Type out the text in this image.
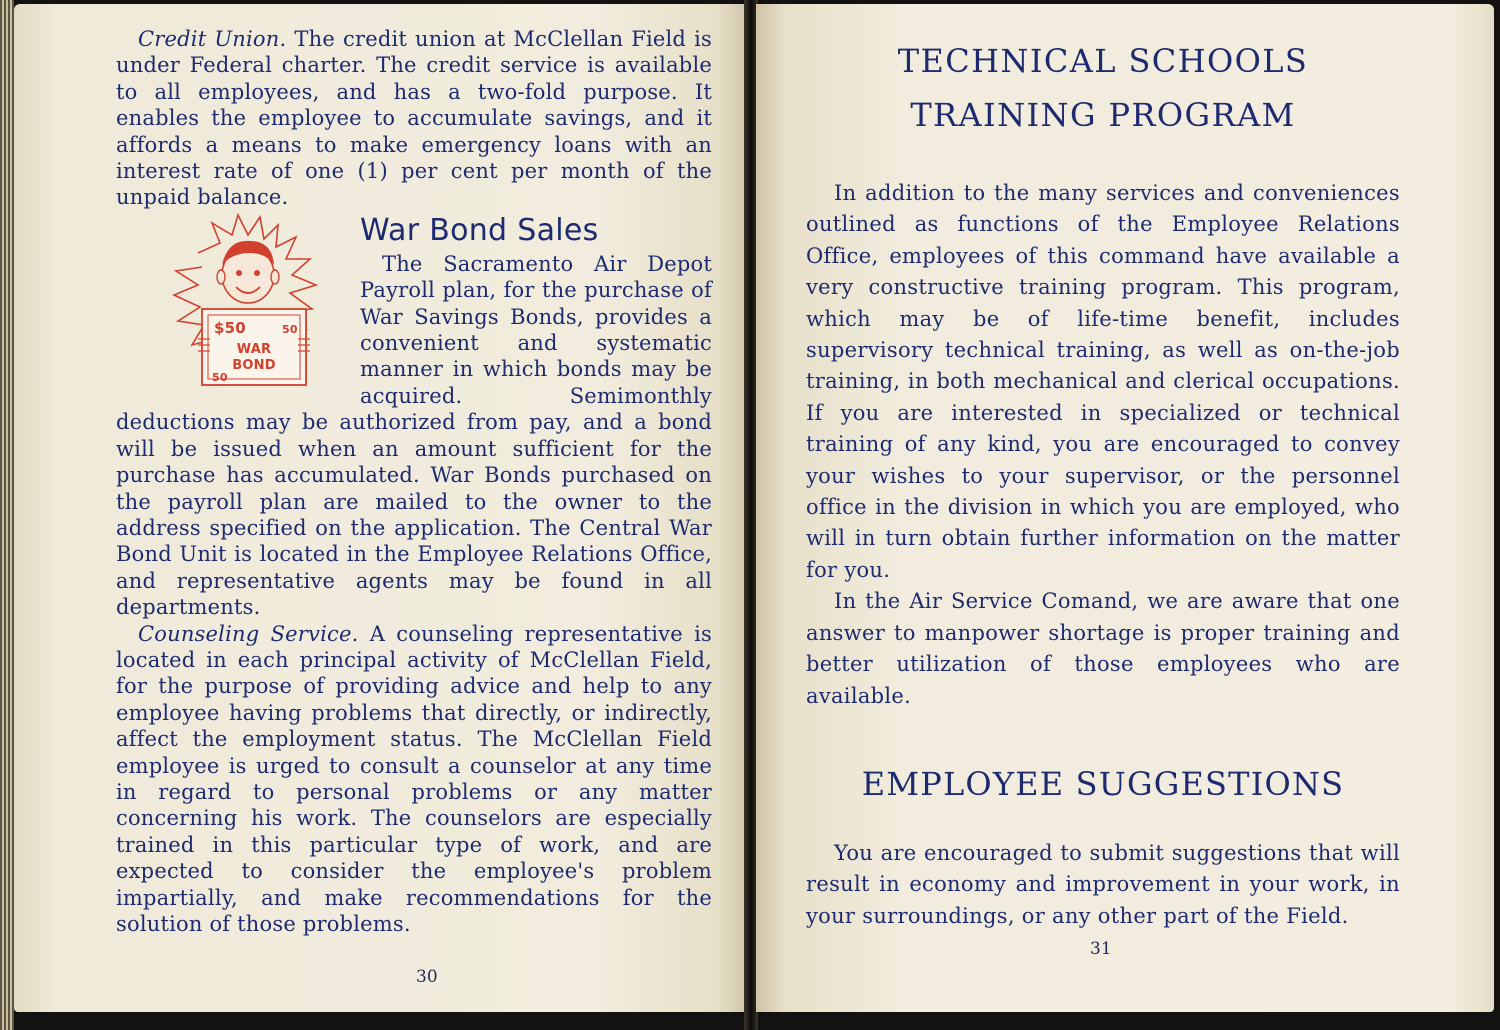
Credit Union. The credit union at McClellan Field is under Federal charter. The credit service is available to all employees, and has a two-fold purpose. It enables the employee to accumulate savings, and it affords a means to make emergency loans with an interest rate of one (1) per cent per month of the unpaid balance.

$50	50
WAR
BOND
50
War Bond Sales

The Sacramento Air Depot Payroll plan, for the purchase of War Savings Bonds, provides a convenient and systematic manner in which bonds may be acquired. Semimonthly deductions may be authorized from pay, and a bond will be issued when an amount sufficient for the purchase has accumulated. War Bonds purchased on the payroll plan are mailed to the owner to the address specified on the application. The Central War Bond Unit is located in the Employee Relations Office, and representative agents may be found in all departments.

Counseling Service. A counseling representative is located in each principal activity of McClellan Field, for the purpose of providing advice and help to any employee having problems that directly, or indirectly, affect the employment status. The McClellan Field employee is urged to consult a counselor at any time in regard to personal problems or any matter concerning his work. The counselors are especially trained in this particular type of work, and are expected to consider the employee's problem impartially, and make recommendations for the solution of those problems.

30
TECHNICAL SCHOOLS
TRAINING PROGRAM

In addition to the many services and conveniences outlined as functions of the Employee Relations Office, employees of this command have available a very constructive training program. This program, which may be of life-time benefit, includes supervisory technical training, as well as on-the-job training, in both mechanical and clerical occupations. If you are interested in specialized or technical training of any kind, you are encouraged to convey your wishes to your supervisor, or the personnel office in the division in which you are employed, who will in turn obtain further information on the matter for you.

In the Air Service Comand, we are aware that one answer to manpower shortage is proper training and better utilization of those employees who are available.

EMPLOYEE SUGGESTIONS

You are encouraged to submit suggestions that will result in economy and improvement in your work, in your surroundings, or any other part of the Field.

31
